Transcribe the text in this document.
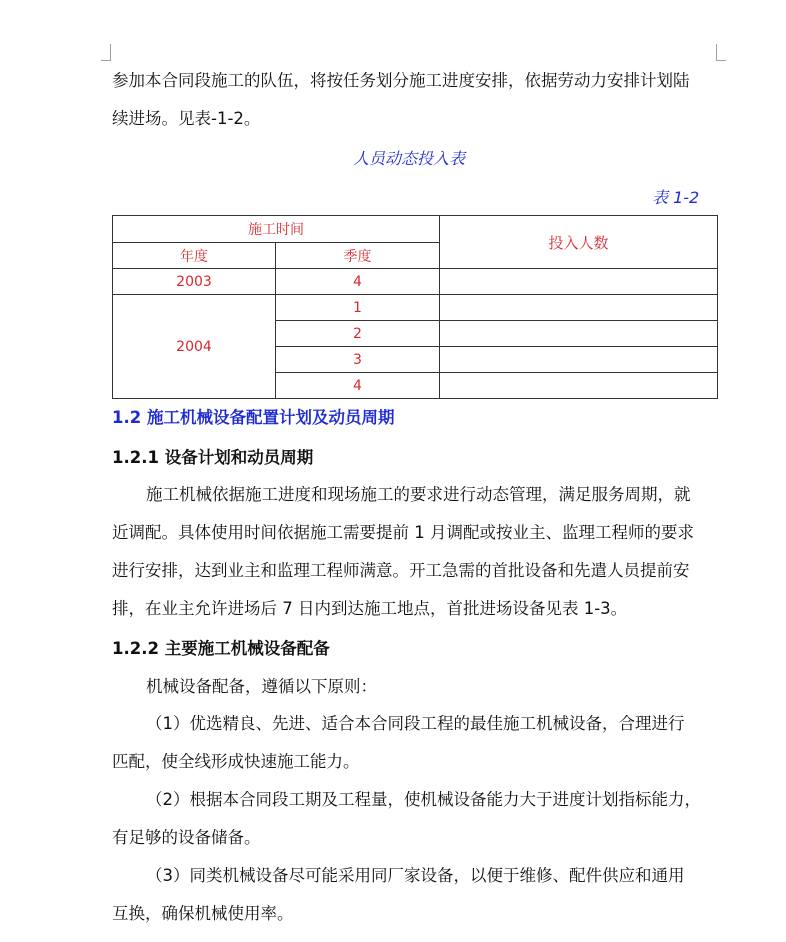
参加本合同段施工的队伍，将按任务划分施工进度安排，依据劳动力安排计划陆

续进场。见表-1-2。

人员动态投入表
表 1-2
施工时间		投入人数
年度	季度	
2003	4	
2004	1	
	2	
	3	
	4	
1.2 施工机械设备配置计划及动员周期
1.2.1 设备计划和动员周期

施工机械依据施工进度和现场施工的要求进行动态管理，满足服务周期，就

近调配。具体使用时间依据施工需要提前 1 月调配或按业主、监理工程师的要求

进行安排，达到业主和监理工程师满意。开工急需的首批设备和先遣人员提前安

排，在业主允许进场后 7 日内到达施工地点，首批进场设备见表 1-3。

1.2.2 主要施工机械设备配备

机械设备配备，遵循以下原则：

（1）优选精良、先进、适合本合同段工程的最佳施工机械设备，合理进行

匹配，使全线形成快速施工能力。

（2）根据本合同段工期及工程量，使机械设备能力大于进度计划指标能力，

有足够的设备储备。

（3）同类机械设备尽可能采用同厂家设备，以便于维修、配件供应和通用

互换，确保机械使用率。
